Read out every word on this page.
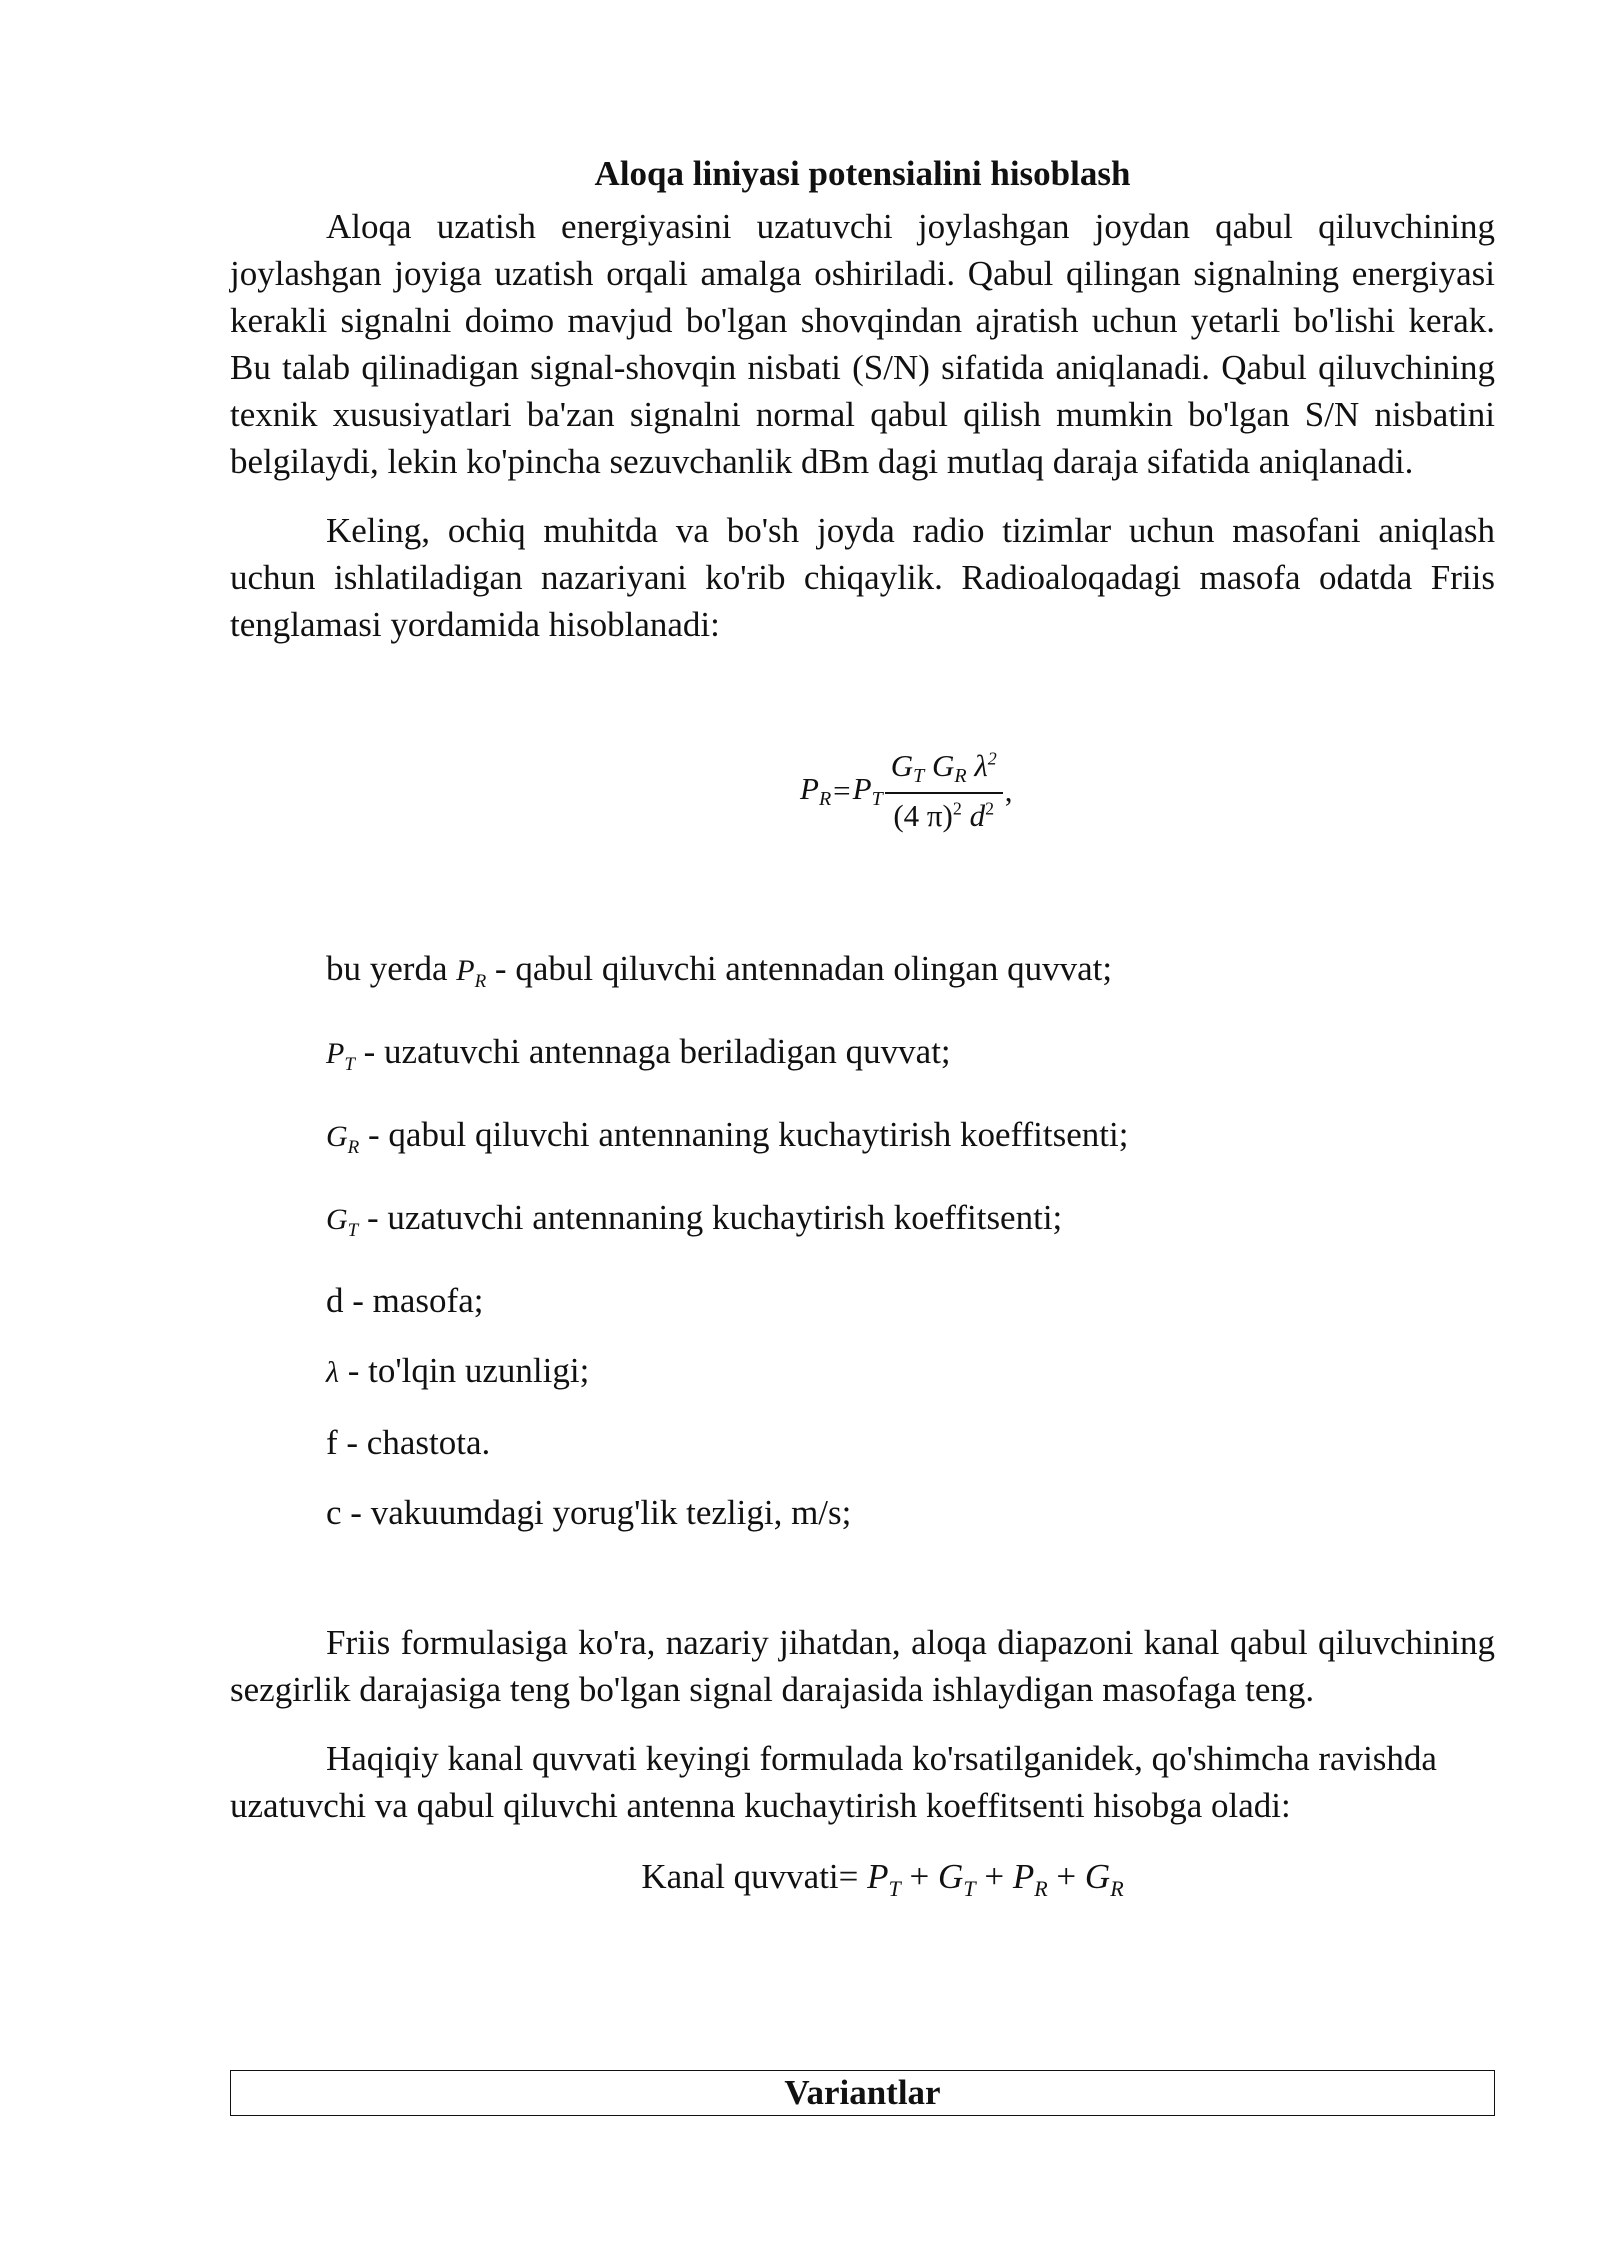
Aloqa liniyasi potensialini hisoblash

Aloqa uzatish energiyasini uzatuvchi joylashgan joydan qabul qiluvchining joylashgan joyiga uzatish orqali amalga oshiriladi. Qabul qilingan signalning energiyasi kerakli signalni doimo mavjud bo'lgan shovqindan ajratish uchun yetarli bo'lishi kerak. Bu talab qilinadigan signal-shovqin nisbati (S/N) sifatida aniqlanadi. Qabul qiluvchining texnik xususiyatlari ba'zan signalni normal qabul qilish mumkin bo'lgan S/N nisbatini belgilaydi, lekin ko'pincha sezuvchanlik dBm dagi mutlaq daraja sifatida aniqlanadi.

Keling, ochiq muhitda va bo'sh joyda radio tizimlar uchun masofani aniqlash uchun ishlatiladigan nazariyani ko'rib chiqaylik. Radioaloqadagi masofa odatda Friis tenglamasi yordamida hisoblanadi:

$P_R = P_T \frac{G_T G_R \lambda^2}{(4 \pi)^2 d^2}$ ,

bu yerda $P_R$ - qabul qiluvchi antennadan olingan quvvat;

$P_T$ - uzatuvchi antennaga beriladigan quvvat;

$G_R$ - qabul qiluvchi antennaning kuchaytirish koeffitsenti;

$G_T$ - uzatuvchi antennaning kuchaytirish koeffitsenti;

d - masofa;

λ - to'lqin uzunligi;

f - chastota.

c - vakuumdagi yorug'lik tezligi, m/s;

Friis formulasiga ko'ra, nazariy jihatdan, aloqa diapazoni kanal qabul qiluvchining sezgirlik darajasiga teng bo'lgan signal darajasida ishlaydigan masofaga teng.

Haqiqiy kanal quvvati keyingi formulada ko'rsatilganidek, qo'shimcha ravishda uzatuvchi va qabul qiluvchi antenna kuchaytirish koeffitsenti hisobga oladi:

Kanal quvvati= $P_T + G_T + P_R + G_R$

Variantlar
